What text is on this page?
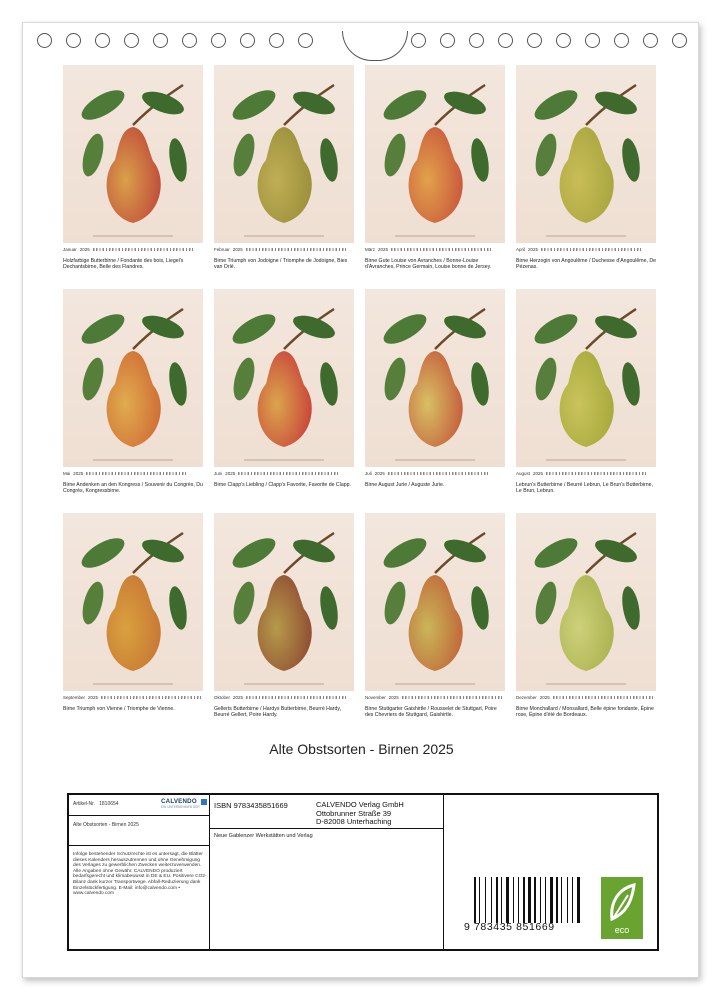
Januar 2025
Holzfarbige Butterbirne / Fondante des bois, Liegel's Dechantsbirne, Belle des Flandres.
Februar 2025
Birne Triumph von Jodoigne / Triomphe de Jodoigne, Bies van Orlé.
März 2025
Birne Gute Louise von Avranches / Bonne-Louise d'Avranches, Prince Germain, Louise bonne de Jersey.
April 2025
Birne Herzogin von Angoulême / Duchesse d'Angoulême, De Pézenas.
Mai 2025
Birne Andenken an den Kongress / Souvenir du Congrès, Du Congrès, Kongressbirne.
Juni 2025
Birne Clapp's Liebling / Clapp's Favorite, Favorite de Clapp.
Juli 2025
Birne August Jurie / Auguste Jurie.
August 2025
Lebrun's Butterbirne / Beurré Lebrun, Le Brun's Butterbirne, Le Brun, Lebrun.
September 2025
Birne Triumph von Vienne / Triomphe de Vienne.
Oktober 2025
Gellerts Butterbirne / Hardys Butterbirne, Beurré Hardy, Beurré Gellert, Poire Hardy.
November 2025
Birne Stuttgarter Gaishirtle / Rousselet de Stuttgart, Poire des Chevriers de Stuttgard, Gaishirtle.
Dezember 2025
Birne Monchallard / Monsallard, Belle épine fondante, Épine rose, Épine d'été de Bordeaux.
Alte Obstsorten - Birnen 2025
Artikel-Nr. 1810654	CALVENDO
EIN UNTERNEHMEN DER
Alte Obstsorten - Birnen 2025
Infolge bestehender Schutzrechte ist es untersagt, die Blätter dieses Kalenders herauszutrennen und ohne Genehmigung des Verlages zu gewerblichen Zwecken weiterzuverwenden. Alle Angaben ohne Gewähr. CALVENDO produziert bedarfsgerecht und klimabewusst in DE & EU. Positivere CO2-Bilanz dank kurzer Transportwege. Abfall-Reduzierung dank Einzelstückfertigung. E-Mail: info@calvendo.com • www.calvendo.com
ISBN 9783435851669	CALVENDO Verlag GmbH
Ottobrunner Straße 39
D-82008 Unterhaching
Neue Gablenzer Werkstätten und Verlag
9 783435 851669	eco
